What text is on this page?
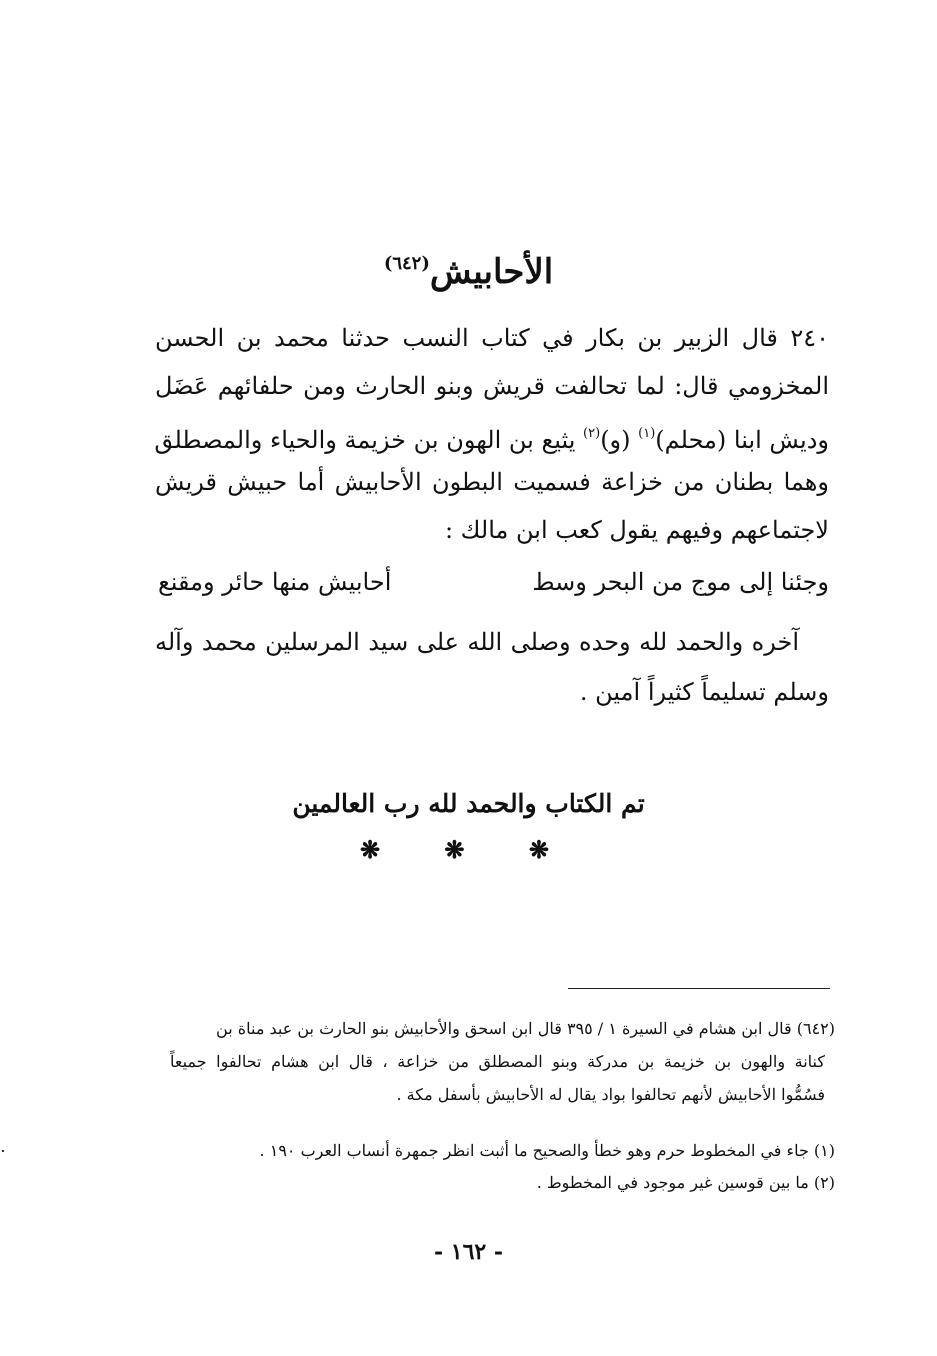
الأحابيش$^{(٦٤٢)}$
٢٤٠ قال الزبير بن بكار في كتاب النسب حدثنا محمد بن الحسن
المخزومي قال: لما تحالفت قريش وبنو الحارث ومن حلفائهم عَضَل
وديش ابنا (محلم)$^{(١)}$ (و)$^{(٢)}$ يثيع بن الهون بن خزيمة والحياء والمصطلق
وهما بطنان من خزاعة فسميت البطون الأحابيش أما حبيش قريش
لاجتماعهم وفيهم يقول كعب ابن مالك :
وجئنا إلى موج من البحر وسط
أحابيش منها حائر ومقنع
آخره والحمد لله وحده وصلى الله على سيد المرسلين محمد وآله
وسلم تسليماً كثيراً آمين .
تم الكتاب والحمد لله رب العالمين
❋ ❋ ❋
(٦٤٢) قال ابن هشام في السيرة ١ / ٣٩٥ قال ابن اسحق والأحابيش بنو الحارث بن عبد مناة بن
كنانة والهون بن خزيمة بن مدركة وبنو المصطلق من خزاعة ، قال ابن هشام تحالفوا جميعاً
فسُمُّوا الأحابيش لأنهم تحالفوا بواد يقال له الأحابيش بأسفل مكة .
(١) جاء في المخطوط حرم وهو خطأ والصحيح ما أثبت انظر جمهرة أنساب العرب ١٩٠ .
(٢) ما بين قوسين غير موجود في المخطوط .
- ١٦٢ -
